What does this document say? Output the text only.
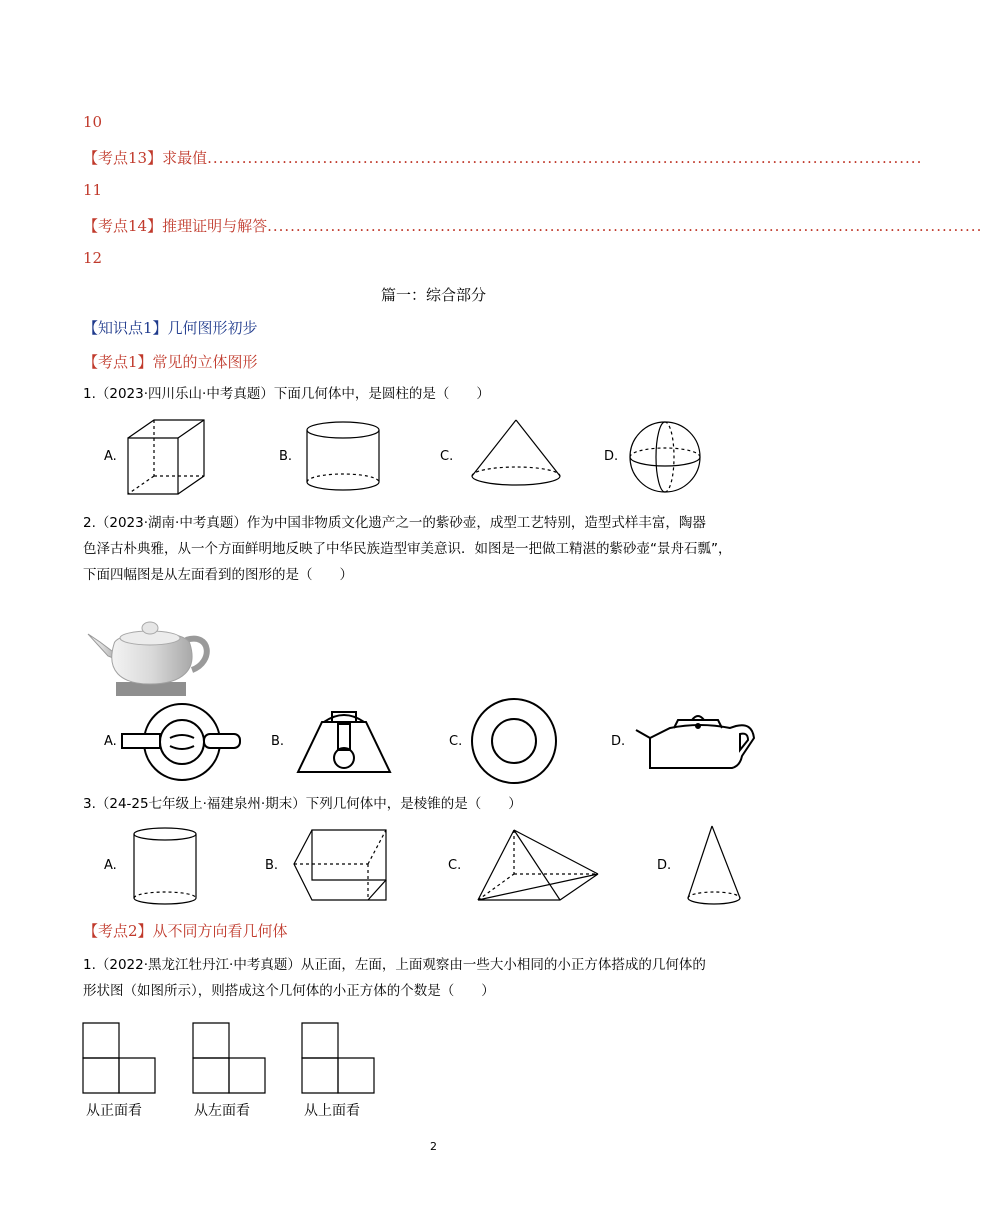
10
【考点13】求最值............................................................................................................................
11
【考点14】推理证明与解答............................................................................................................................
12
篇一：综合部分
【知识点1】几何图形初步
【考点1】常见的立体图形
1.（2023·四川乐山·中考真题）下面几何体中，是圆柱的是（　　）
A.	B.	C.	D.
2.（2023·湖南·中考真题）作为中国非物质文化遗产之一的紫砂壶，成型工艺特别，造型式样丰富，陶器
色泽古朴典雅，从一个方面鲜明地反映了中华民族造型审美意识．如图是一把做工精湛的紫砂壶“景舟石瓢”，
下面四幅图是从左面看到的图形的是（　　）
A.	B.	C.	D.
3.（24-25七年级上·福建泉州·期末）下列几何体中，是棱锥的是（　　）
A.	B.	C.	D.
【考点2】从不同方向看几何体
1.（2022·黑龙江牡丹江·中考真题）从正面，左面，上面观察由一些大小相同的小正方体搭成的几何体的
形状图（如图所示），则搭成这个几何体的小正方体的个数是（　　）
从正面看	从左面看	从上面看
2
